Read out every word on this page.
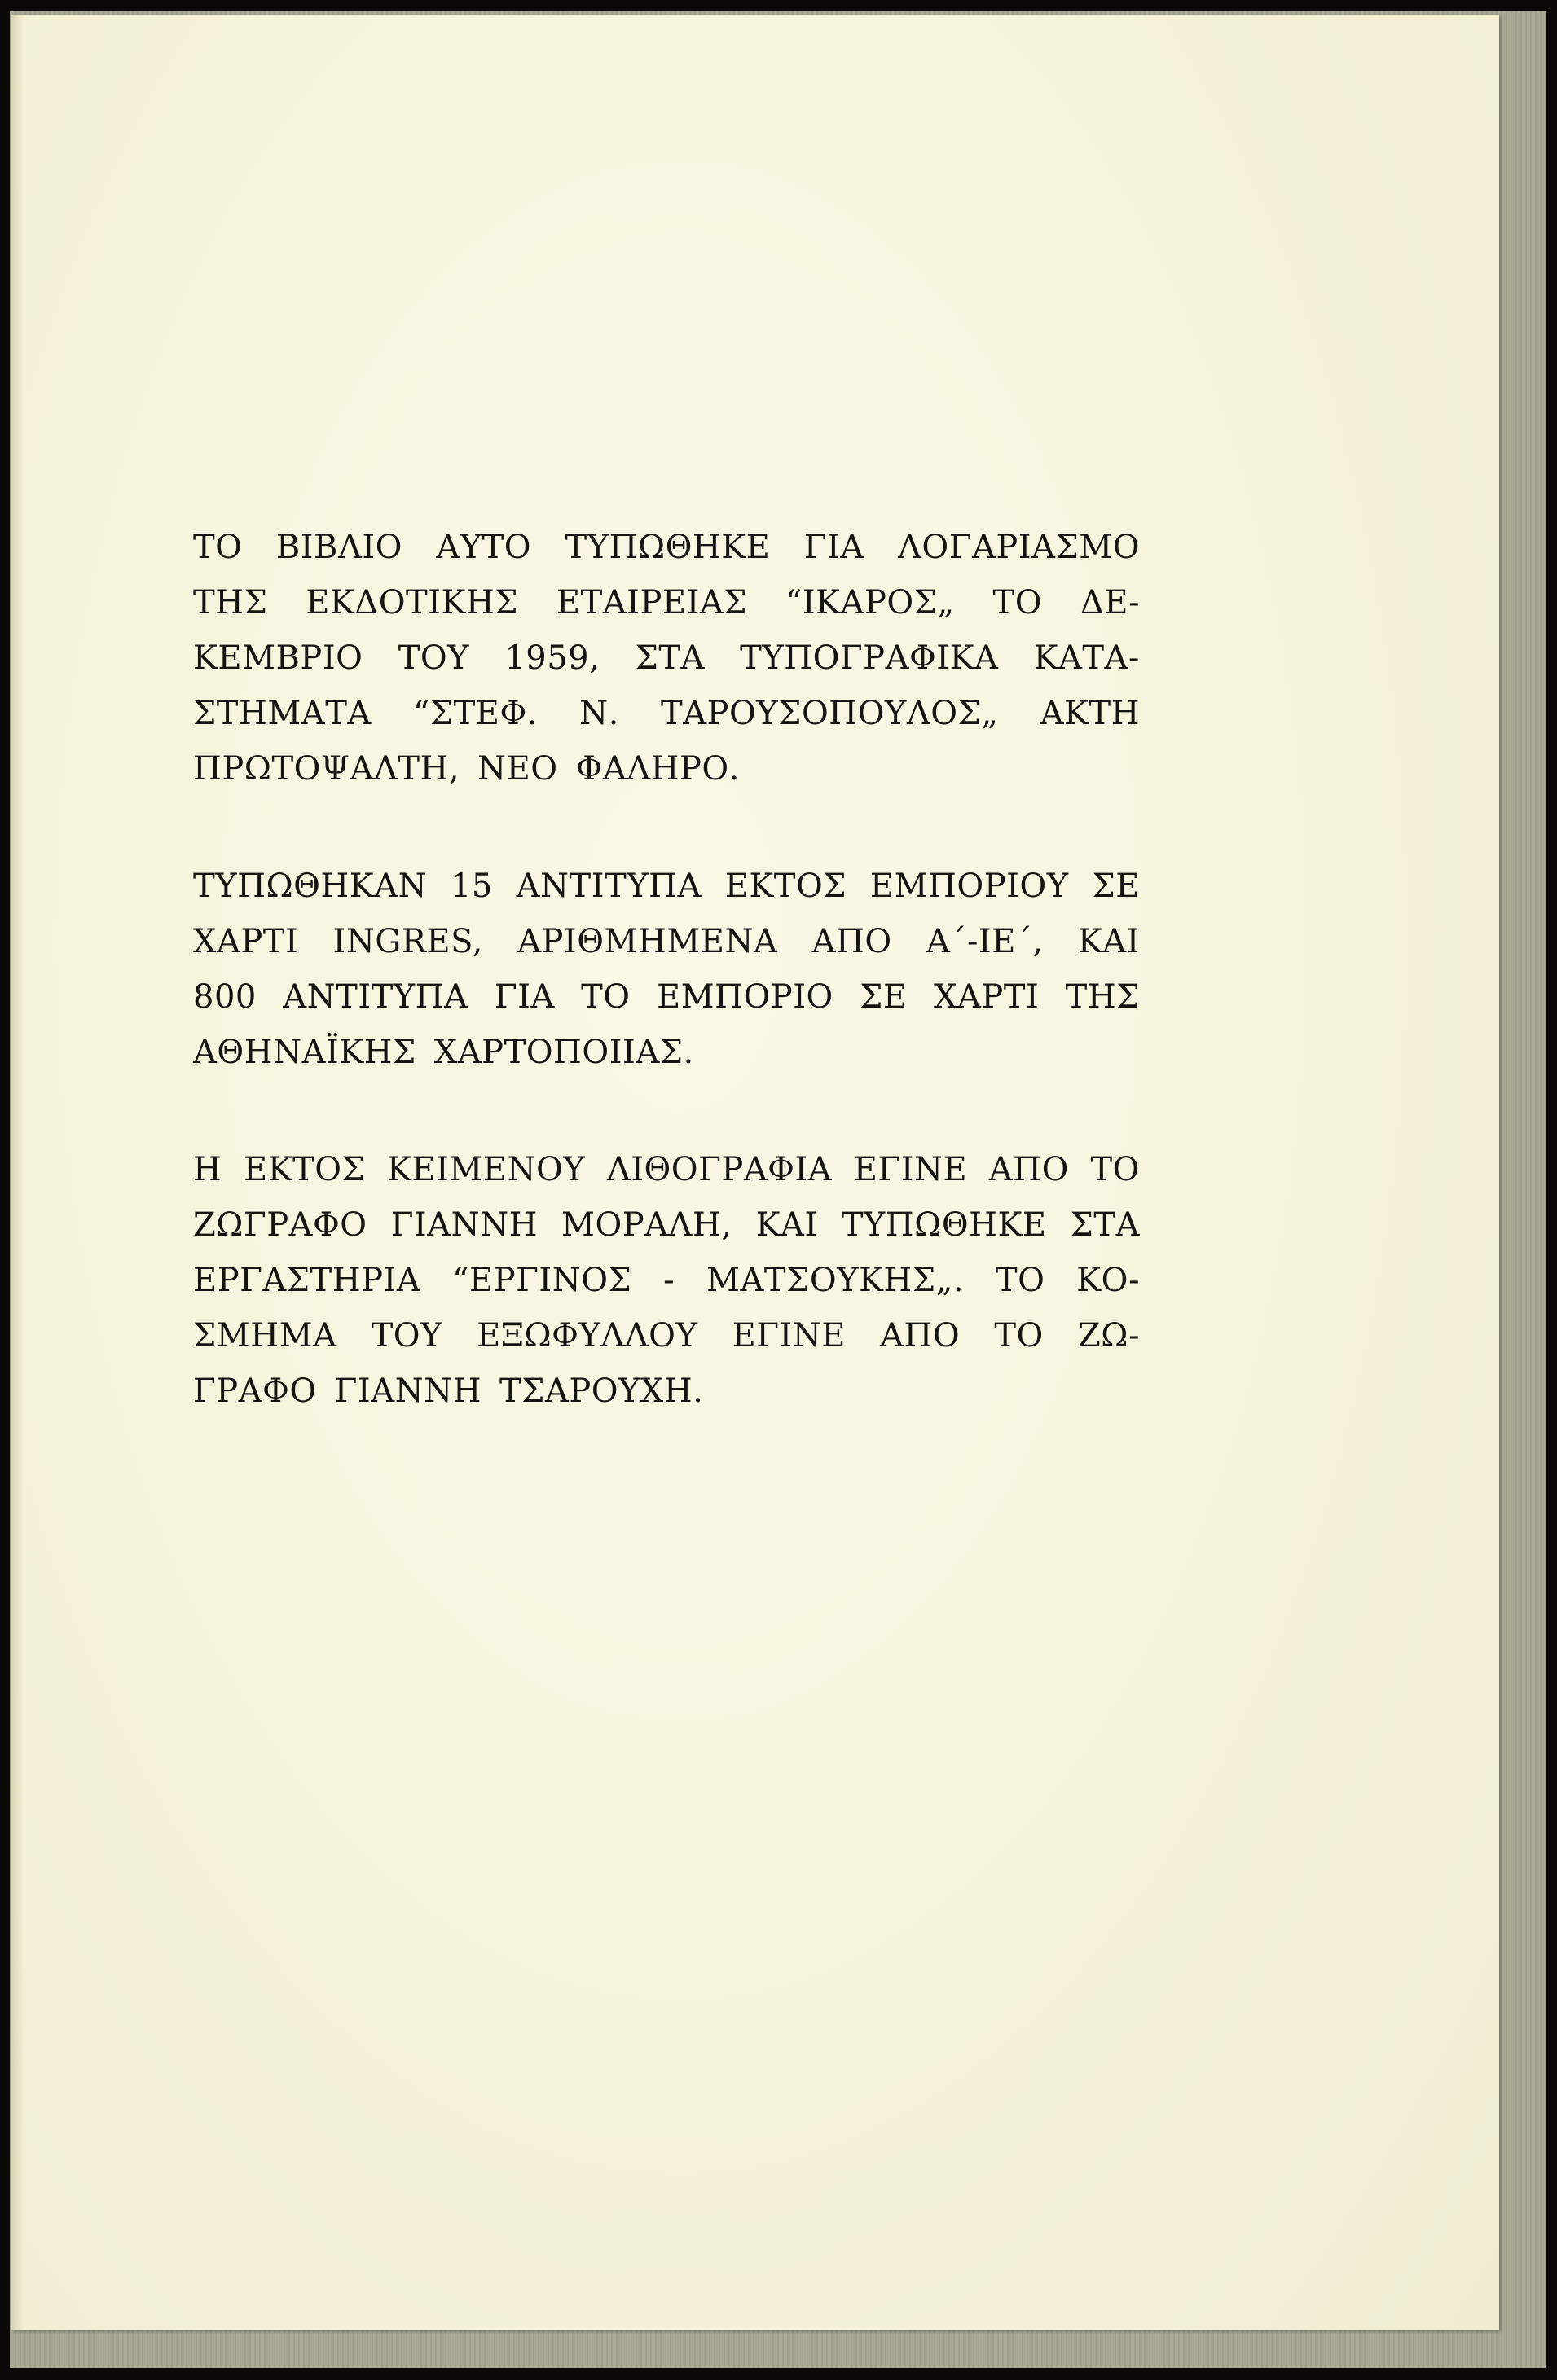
ΤΟ ΒΙΒΛΙΟ ΑΥΤΟ ΤΥΠΩΘΗΚΕ ΓΙΑ ΛΟΓΑΡΙΑΣΜΟ
ΤΗΣ ΕΚΔΟΤΙΚΗΣ ΕΤΑΙΡΕΙΑΣ “ΙΚΑΡΟΣ„ ΤΟ ΔΕ-
ΚΕΜΒΡΙΟ ΤΟΥ 1959, ΣΤΑ ΤΥΠΟΓΡΑΦΙΚΑ ΚΑΤΑ-
ΣΤΗΜΑΤΑ “ΣΤΕΦ. Ν. ΤΑΡΟΥΣΟΠΟΥΛΟΣ„ ΑΚΤΗ
ΠΡΩΤΟΨΑΛΤΗ, ΝΕΟ ΦΑΛΗΡΟ.
ΤΥΠΩΘΗΚΑΝ 15 ΑΝΤΙΤΥΠΑ ΕΚΤΟΣ ΕΜΠΟΡΙΟΥ ΣΕ
ΧΑΡΤΙ INGRES, ΑΡΙΘΜΗΜΕΝΑ ΑΠΟ Α΄-ΙΕ΄, ΚΑΙ
800 ΑΝΤΙΤΥΠΑ ΓΙΑ ΤΟ ΕΜΠΟΡΙΟ ΣΕ ΧΑΡΤΙ ΤΗΣ
ΑΘΗΝΑΪΚΗΣ ΧΑΡΤΟΠΟΙΙΑΣ.
Η ΕΚΤΟΣ ΚΕΙΜΕΝΟΥ ΛΙΘΟΓΡΑΦΙΑ ΕΓΙΝΕ ΑΠΟ ΤΟ
ΖΩΓΡΑΦΟ ΓΙΑΝΝΗ ΜΟΡΑΛΗ, ΚΑΙ ΤΥΠΩΘΗΚΕ ΣΤΑ
ΕΡΓΑΣΤΗΡΙΑ “ΕΡΓΙΝΟΣ - ΜΑΤΣΟΥΚΗΣ„. ΤΟ ΚΟ-
ΣΜΗΜΑ ΤΟΥ ΕΞΩΦΥΛΛΟΥ ΕΓΙΝΕ ΑΠΟ ΤΟ ΖΩ-
ΓΡΑΦΟ ΓΙΑΝΝΗ ΤΣΑΡΟΥΧΗ.
